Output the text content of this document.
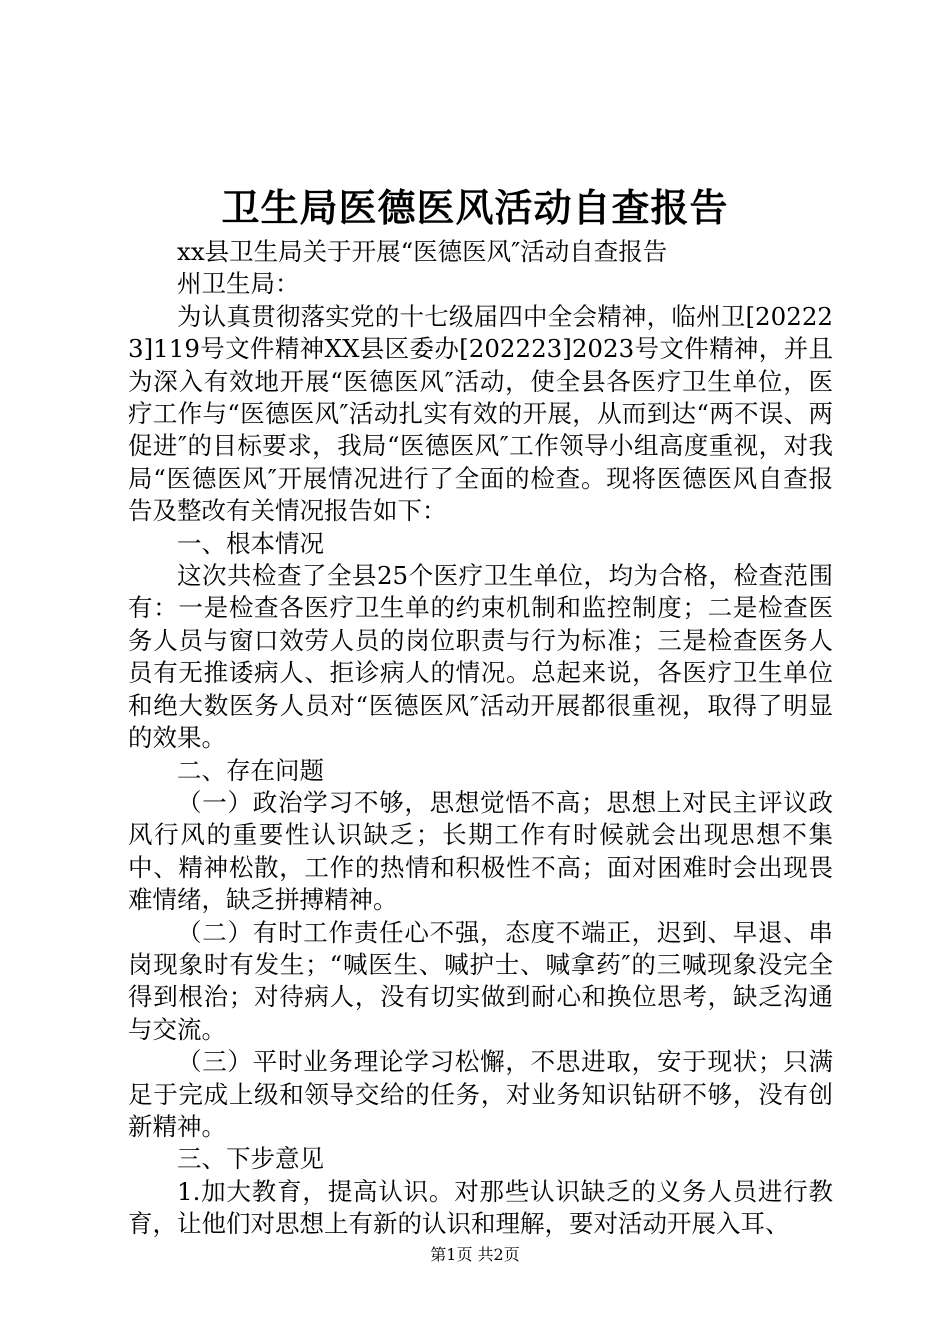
卫生局医德医风活动自查报告

xx县卫生局关于开展“医德医风″活动自查报告

州卫生局：

为认真贯彻落实党的十七级届四中全会精神，临州卫[202223]119号文件精神XX县区委办[202223]2023号文件精神，并且为深入有效地开展“医德医风″活动，使全县各医疗卫生单位，医疗工作与“医德医风″活动扎实有效的开展，从而到达“两不误、两促进″的目标要求，我局“医德医风″工作领导小组高度重视，对我局“医德医风″开展情况进行了全面的检查。现将医德医风自查报告及整改有关情况报告如下：

一、根本情况

这次共检查了全县25个医疗卫生单位，均为合格，检查范围有：一是检查各医疗卫生单的约束机制和监控制度；二是检查医务人员与窗口效劳人员的岗位职责与行为标准；三是检查医务人员有无推诿病人、拒诊病人的情况。总起来说，各医疗卫生单位和绝大数医务人员对“医德医风″活动开展都很重视，取得了明显的效果。

二、存在问题

（一）政治学习不够，思想觉悟不高；思想上对民主评议政风行风的重要性认识缺乏；长期工作有时候就会出现思想不集中、精神松散，工作的热情和积极性不高；面对困难时会出现畏难情绪，缺乏拼搏精神。

（二）有时工作责任心不强，态度不端正，迟到、早退、串岗现象时有发生；“喊医生、喊护士、喊拿药″的三喊现象没完全得到根治；对待病人，没有切实做到耐心和换位思考，缺乏沟通与交流。

（三）平时业务理论学习松懈，不思进取，安于现状；只满足于完成上级和领导交给的任务，对业务知识钻研不够，没有创新精神。

三、下步意见

1.加大教育，提高认识。对那些认识缺乏的义务人员进行教育，让他们对思想上有新的认识和理解，要对活动开展入耳、

第1页 共2页
